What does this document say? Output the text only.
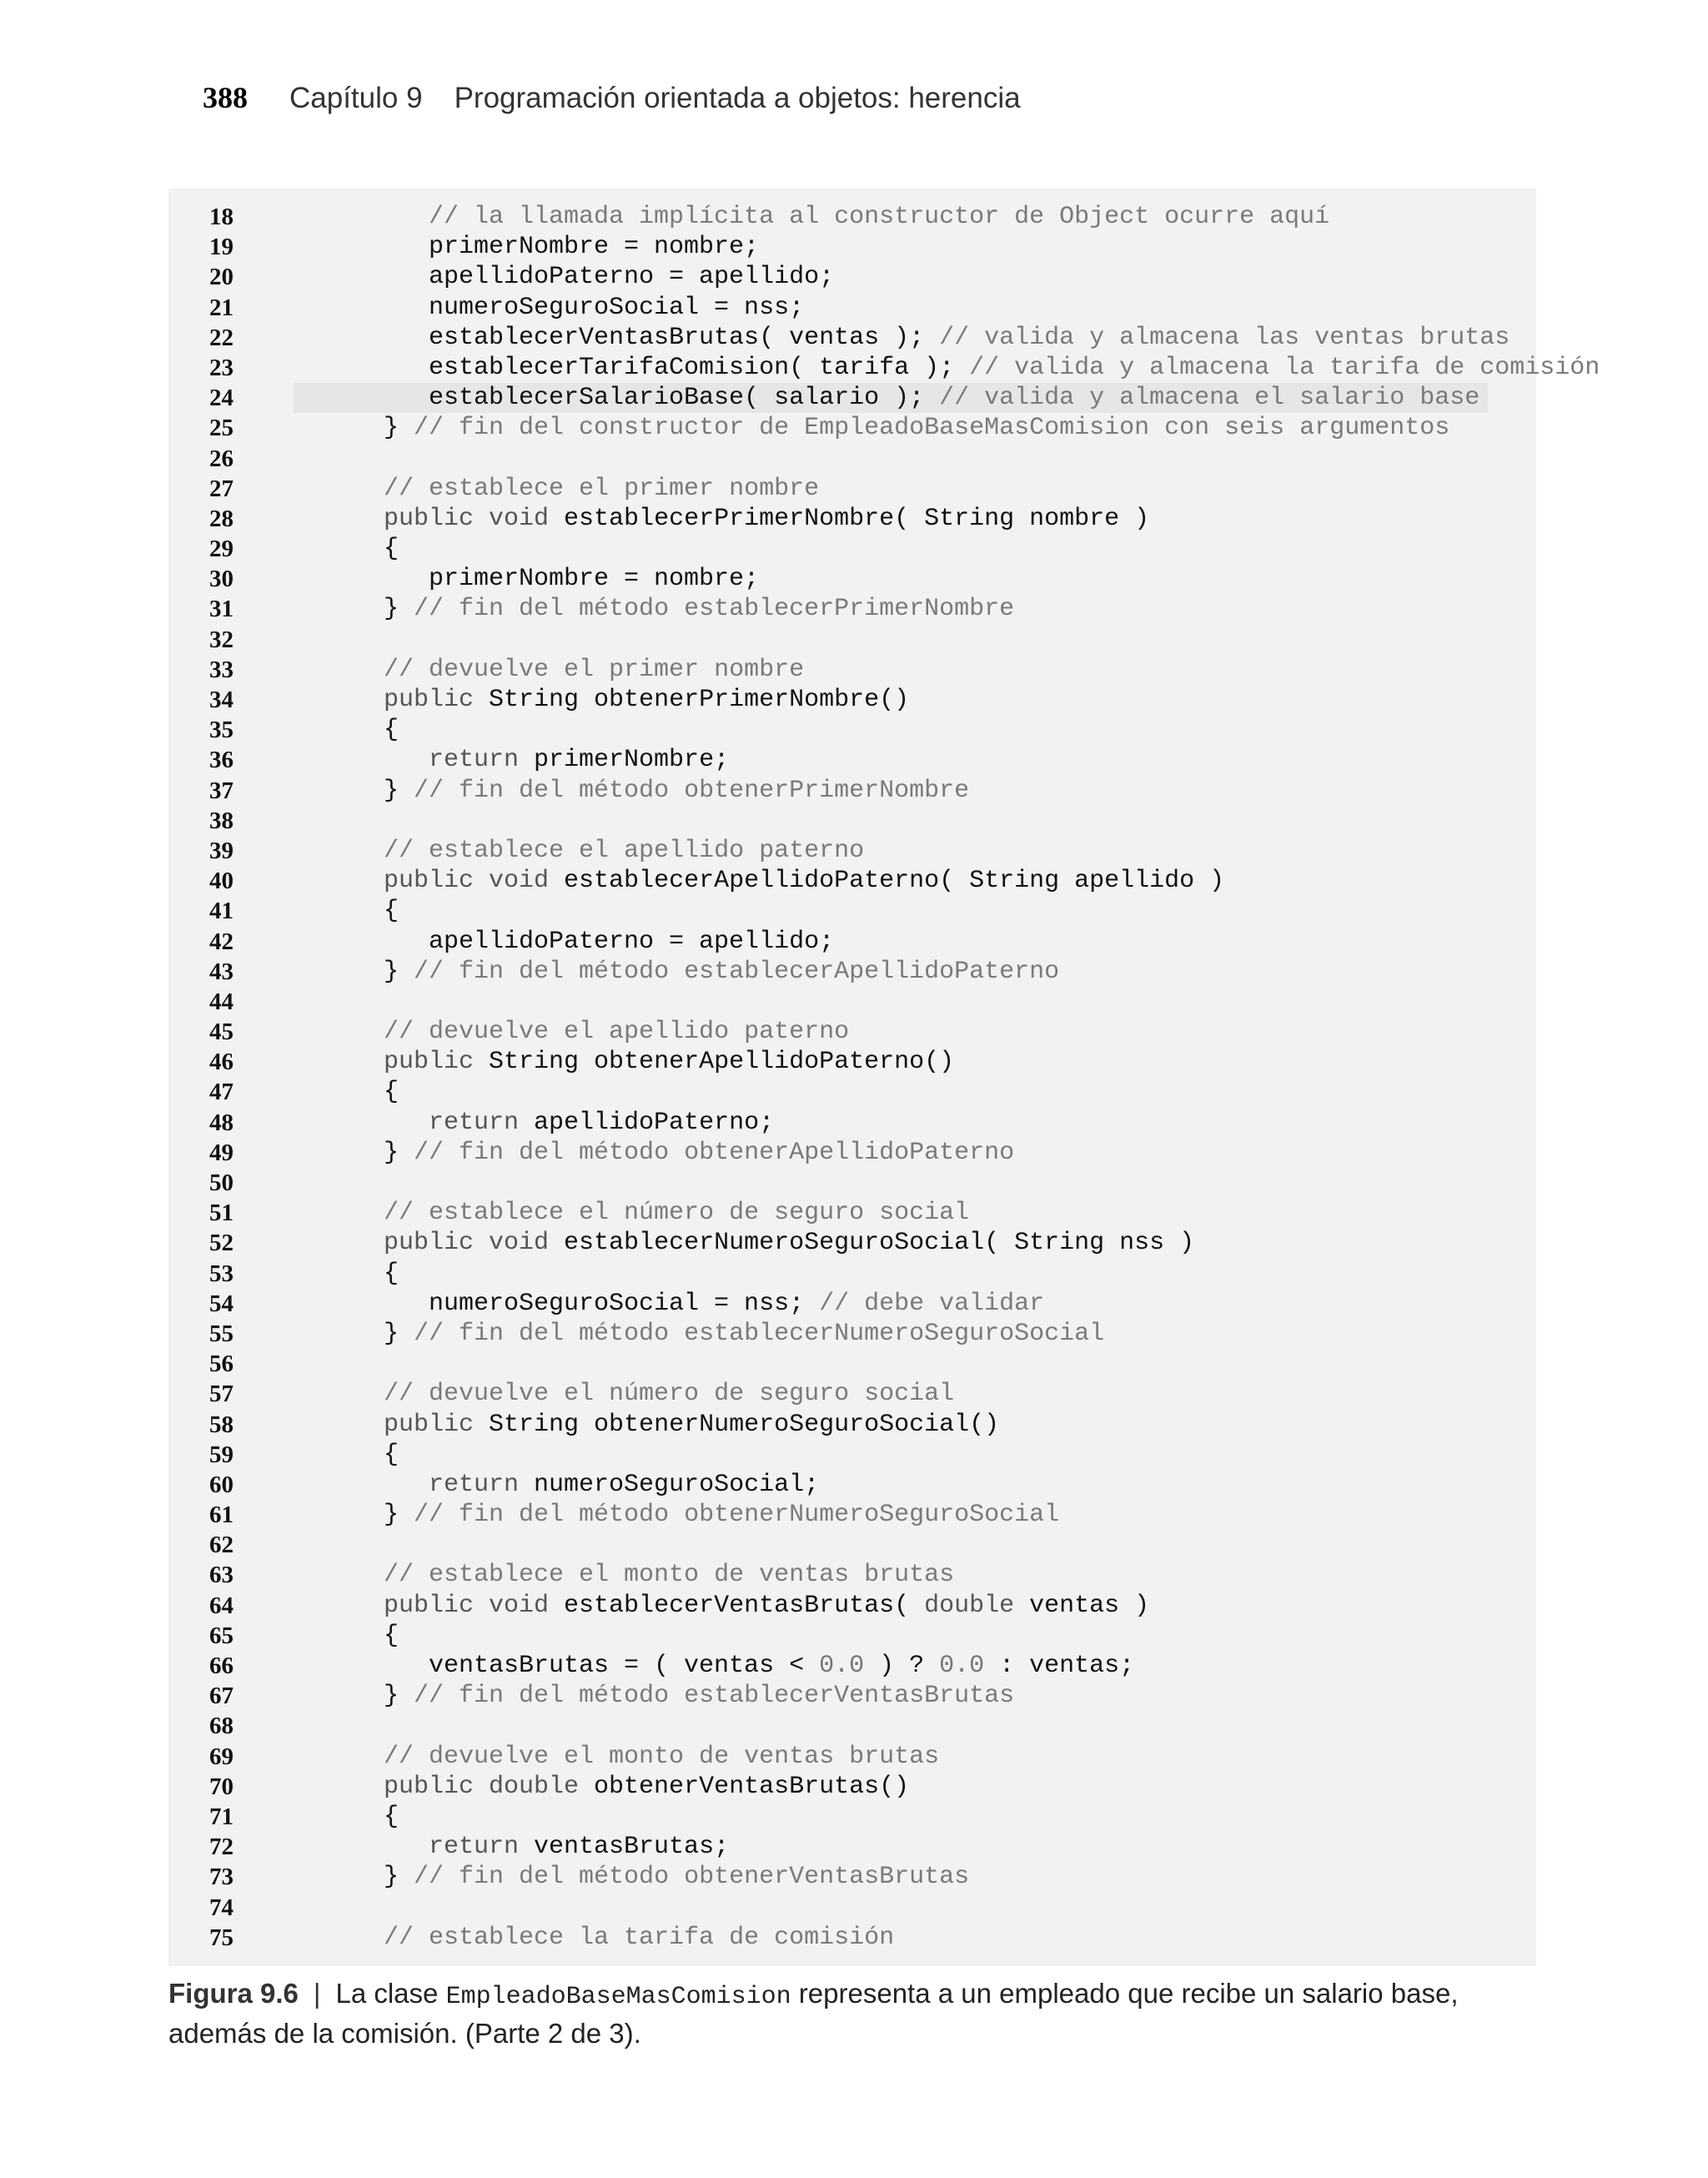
388 Capítulo 9 Programación orientada a objetos: herencia
18	// la llamada implícita al constructor de Object ocurre aquí
19	primerNombre = nombre;
20	apellidoPaterno = apellido;
21	numeroSeguroSocial = nss;
22	establecerVentasBrutas( ventas ); // valida y almacena las ventas brutas
23	establecerTarifaComision( tarifa ); // valida y almacena la tarifa de comisión
24	establecerSalarioBase( salario ); // valida y almacena el salario base
25	} // fin del constructor de EmpleadoBaseMasComision con seis argumentos
26
27	// establece el primer nombre
28	public void establecerPrimerNombre( String nombre )
29	{
30	primerNombre = nombre;
31	} // fin del método establecerPrimerNombre
32
33	// devuelve el primer nombre
34	public String obtenerPrimerNombre()
35	{
36	return primerNombre;
37	} // fin del método obtenerPrimerNombre
38
39	// establece el apellido paterno
40	public void establecerApellidoPaterno( String apellido )
41	{
42	apellidoPaterno = apellido;
43	} // fin del método establecerApellidoPaterno
44
45	// devuelve el apellido paterno
46	public String obtenerApellidoPaterno()
47	{
48	return apellidoPaterno;
49	} // fin del método obtenerApellidoPaterno
50
51	// establece el número de seguro social
52	public void establecerNumeroSeguroSocial( String nss )
53	{
54	numeroSeguroSocial = nss; // debe validar
55	} // fin del método establecerNumeroSeguroSocial
56
57	// devuelve el número de seguro social
58	public String obtenerNumeroSeguroSocial()
59	{
60	return numeroSeguroSocial;
61	} // fin del método obtenerNumeroSeguroSocial
62
63	// establece el monto de ventas brutas
64	public void establecerVentasBrutas( double ventas )
65	{
66	ventasBrutas = ( ventas < 0.0 ) ? 0.0 : ventas;
67	} // fin del método establecerVentasBrutas
68
69	// devuelve el monto de ventas brutas
70	public double obtenerVentasBrutas()
71	{
72	return ventasBrutas;
73	} // fin del método obtenerVentasBrutas
74
75	// establece la tarifa de comisión
Figura 9.6 | La clase EmpleadoBaseMasComision representa a un empleado que recibe un salario base, además de la comisión. (Parte 2 de 3).
